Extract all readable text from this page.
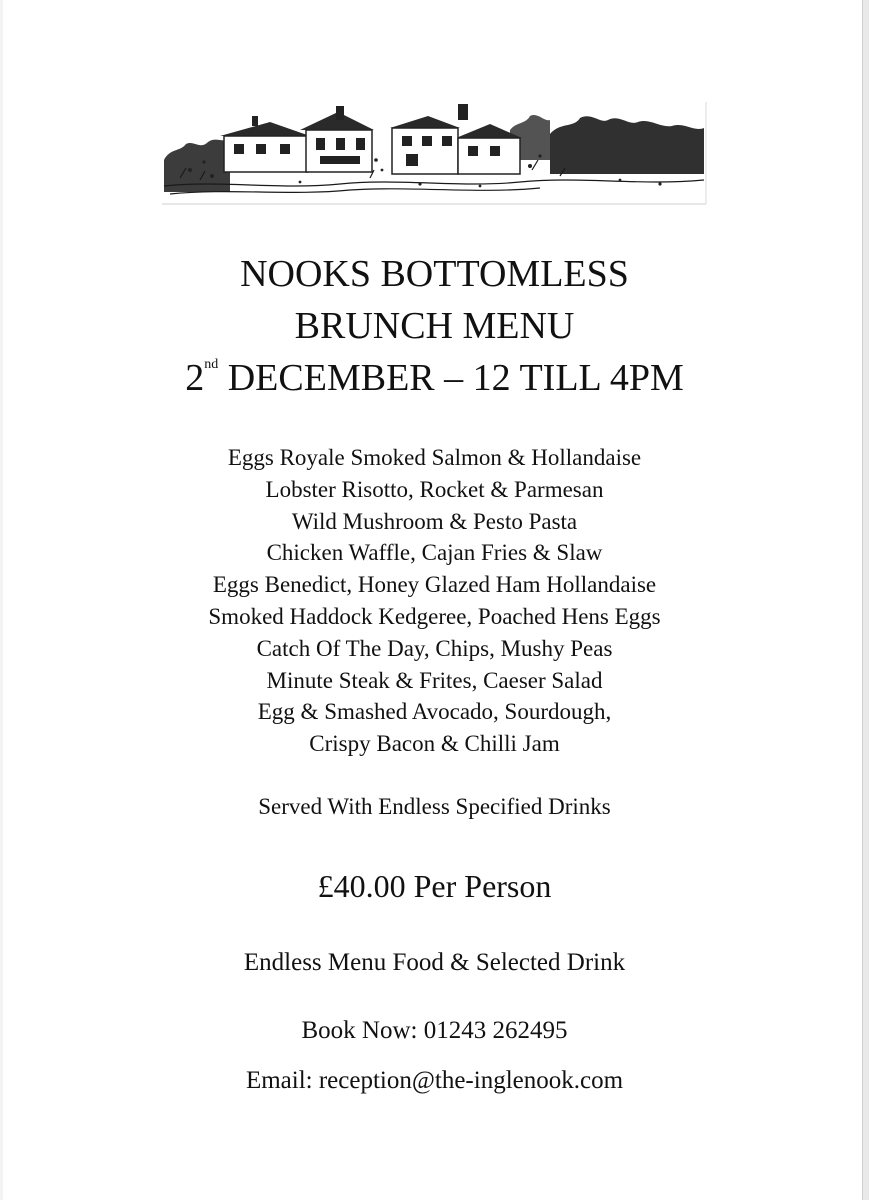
NOOKS BOTTOMLESS
BRUNCH MENU
2nd DECEMBER – 12 TILL 4PM
Eggs Royale Smoked Salmon & Hollandaise
Lobster Risotto, Rocket & Parmesan
Wild Mushroom & Pesto Pasta
Chicken Waffle, Cajan Fries & Slaw
Eggs Benedict, Honey Glazed Ham Hollandaise
Smoked Haddock Kedgeree, Poached Hens Eggs
Catch Of The Day, Chips, Mushy Peas
Minute Steak & Frites, Caeser Salad
Egg & Smashed Avocado, Sourdough,
Crispy Bacon & Chilli Jam
Served With Endless Specified Drinks
£40.00 Per Person
Endless Menu Food & Selected Drink
Book Now: 01243 262495
Email: reception@the-inglenook.com
